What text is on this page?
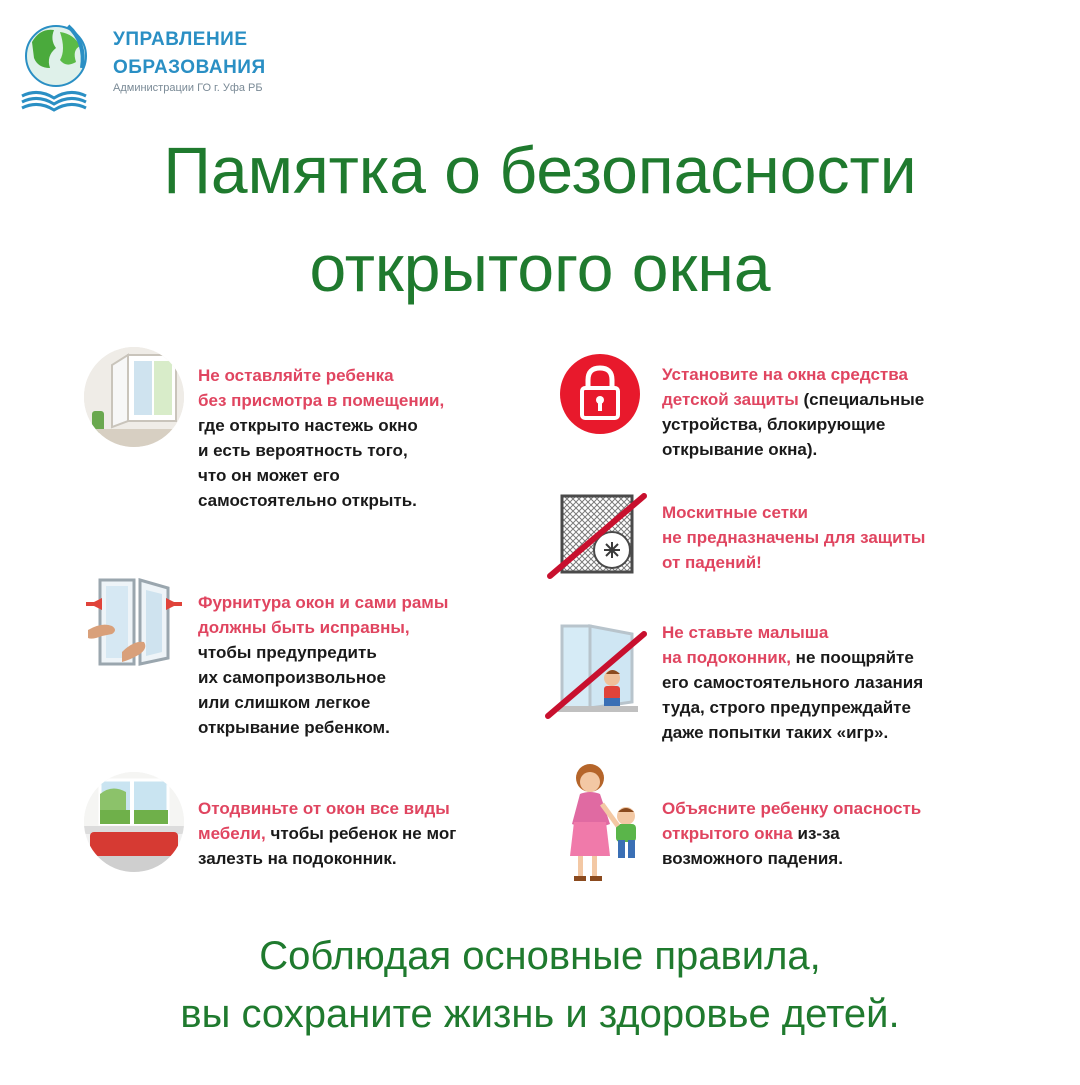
УПРАВЛЕНИЕ
ОБРАЗОВАНИЯ
Администрации ГО г. Уфа РБ
Памятка о безопасности
открытого окна
Не оставляйте ребенка
без присмотра в помещении,
где открыто настежь окно
и есть вероятность того,
что он может его
самостоятельно открыть.
Фурнитура окон и сами рамы
должны быть исправны,
чтобы предупредить
их самопроизвольное
или слишком легкое
открывание ребенком.
Отодвиньте от окон все виды
мебели, чтобы ребенок не мог
залезть на подоконник.
Установите на окна средства
детской защиты (специальные
устройства, блокирующие
открывание окна).
Москитные сетки
не предназначены для защиты
от падений!
Не ставьте малыша
на подоконник, не поощряйте
его самостоятельного лазания
туда, строго предупреждайте
даже попытки таких «игр».
Объясните ребенку опасность
открытого окна из-за
возможного падения.
Соблюдая основные правила,
вы сохраните жизнь и здоровье детей.
